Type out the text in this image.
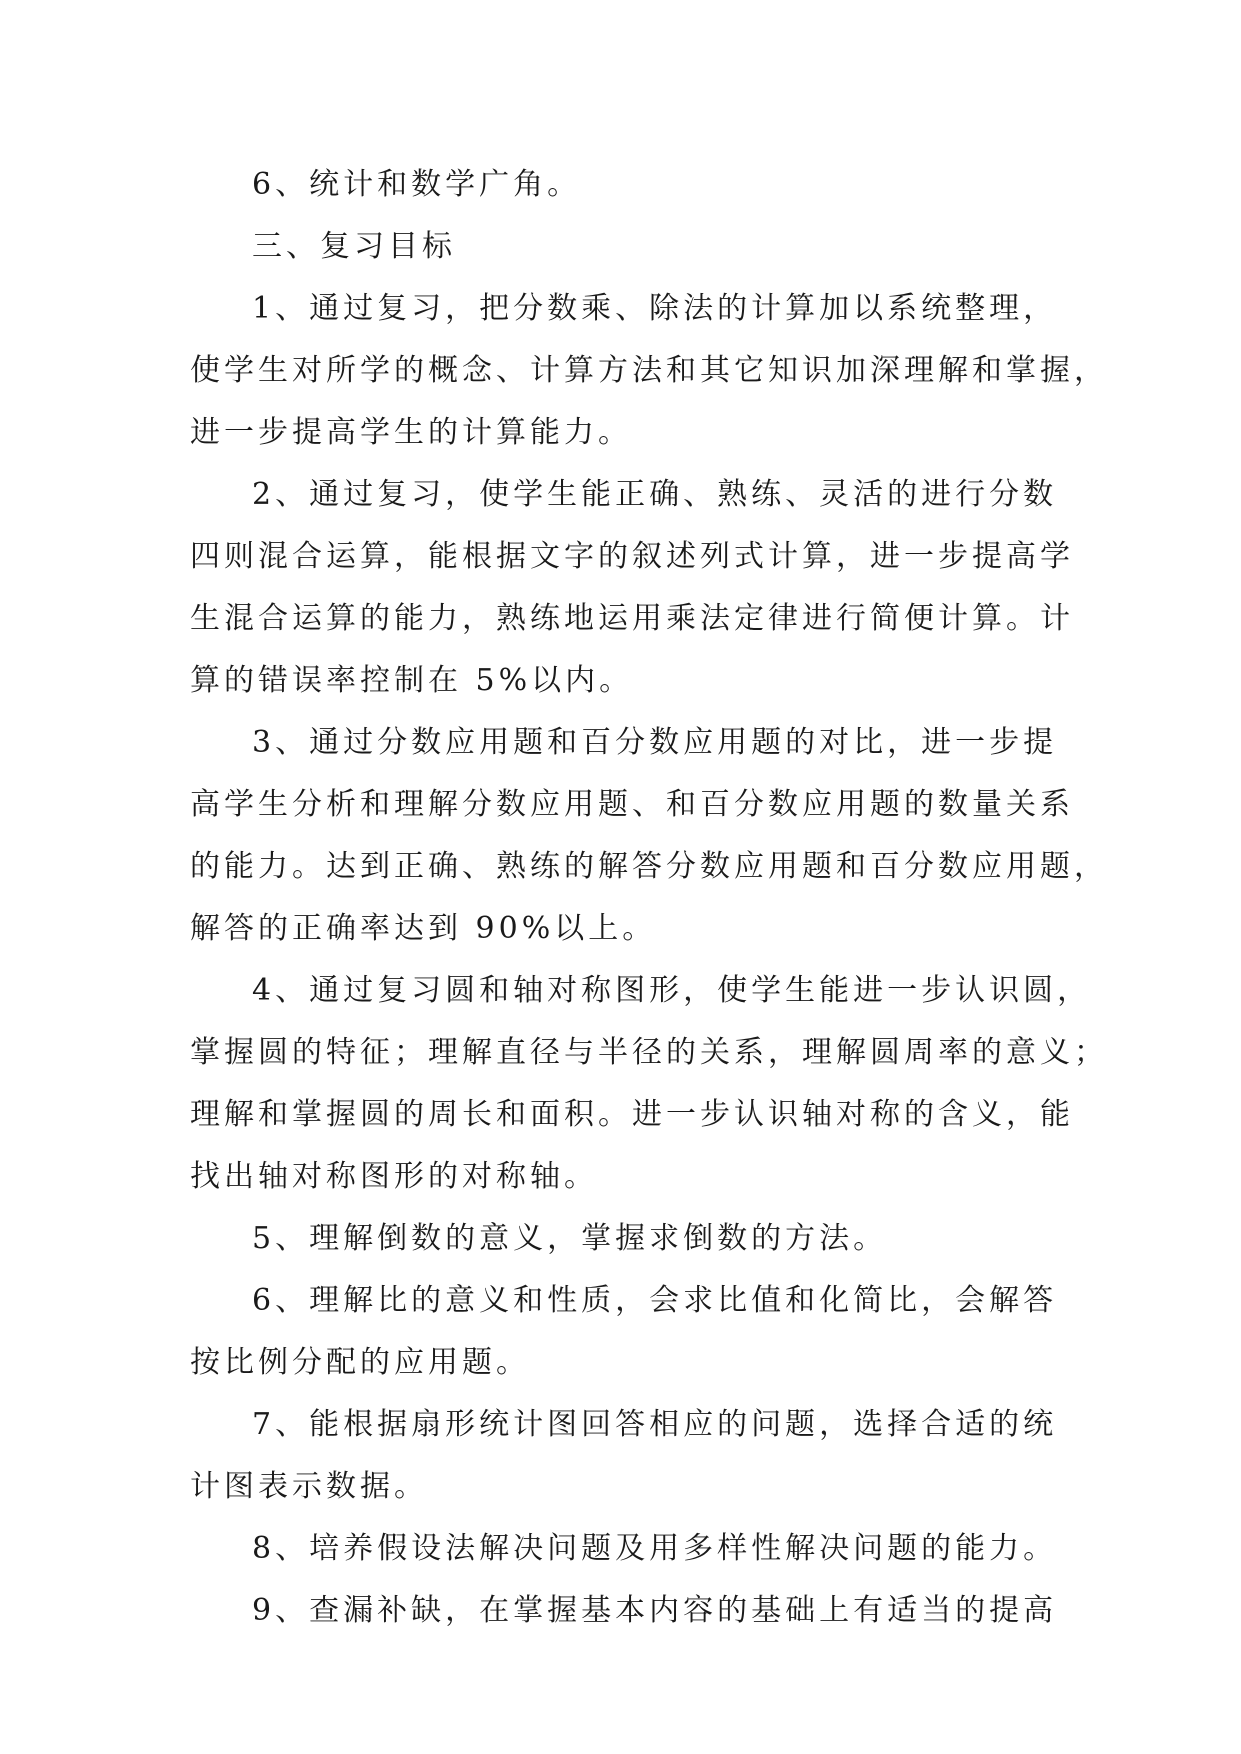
6、统计和数学广角。
三、复习目标
1、通过复习，把分数乘、除法的计算加以系统整理，
使学生对所学的概念、计算方法和其它知识加深理解和掌握，
进一步提高学生的计算能力。
2、通过复习，使学生能正确、熟练、灵活的进行分数
四则混合运算，能根据文字的叙述列式计算，进一步提高学
生混合运算的能力，熟练地运用乘法定律进行简便计算。计
算的错误率控制在 5%以内。
3、通过分数应用题和百分数应用题的对比，进一步提
高学生分析和理解分数应用题、和百分数应用题的数量关系
的能力。达到正确、熟练的解答分数应用题和百分数应用题，
解答的正确率达到 90%以上。
4、通过复习圆和轴对称图形，使学生能进一步认识圆，
掌握圆的特征；理解直径与半径的关系，理解圆周率的意义；
理解和掌握圆的周长和面积。进一步认识轴对称的含义，能
找出轴对称图形的对称轴。
5、理解倒数的意义，掌握求倒数的方法。
6、理解比的意义和性质，会求比值和化简比，会解答
按比例分配的应用题。
7、能根据扇形统计图回答相应的问题，选择合适的统
计图表示数据。
8、培养假设法解决问题及用多样性解决问题的能力。
9、查漏补缺，在掌握基本内容的基础上有适当的提高
